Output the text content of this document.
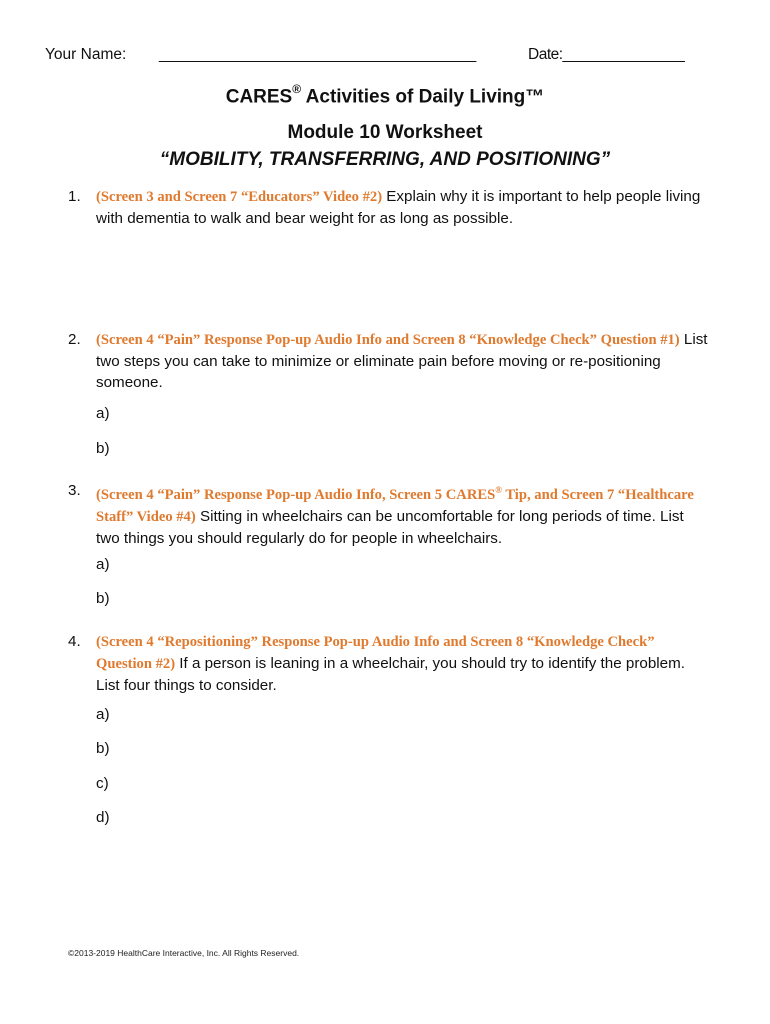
Your Name: _______________________________________	Date:_______________
CARES® Activities of Daily Living™
Module 10 Worksheet
“MOBILITY, TRANSFERRING, AND POSITIONING”
1. (Screen 3 and Screen 7 “Educators” Video #2) Explain why it is important to help people living with dementia to walk and bear weight for as long as possible.
2. (Screen 4 “Pain” Response Pop-up Audio Info and Screen 8 “Knowledge Check” Question #1) List two steps you can take to minimize or eliminate pain before moving or re-positioning someone.
a)
b)
3. (Screen 4 “Pain” Response Pop-up Audio Info, Screen 5 CARES® Tip, and Screen 7 “Healthcare Staff” Video #4) Sitting in wheelchairs can be uncomfortable for long periods of time. List two things you should regularly do for people in wheelchairs.
a)
b)
4. (Screen 4 “Repositioning” Response Pop-up Audio Info and Screen 8 “Knowledge Check” Question #2) If a person is leaning in a wheelchair, you should try to identify the problem. List four things to consider.
a)
b)
c)
d)
©2013-2019 HealthCare Interactive, Inc. All Rights Reserved.
